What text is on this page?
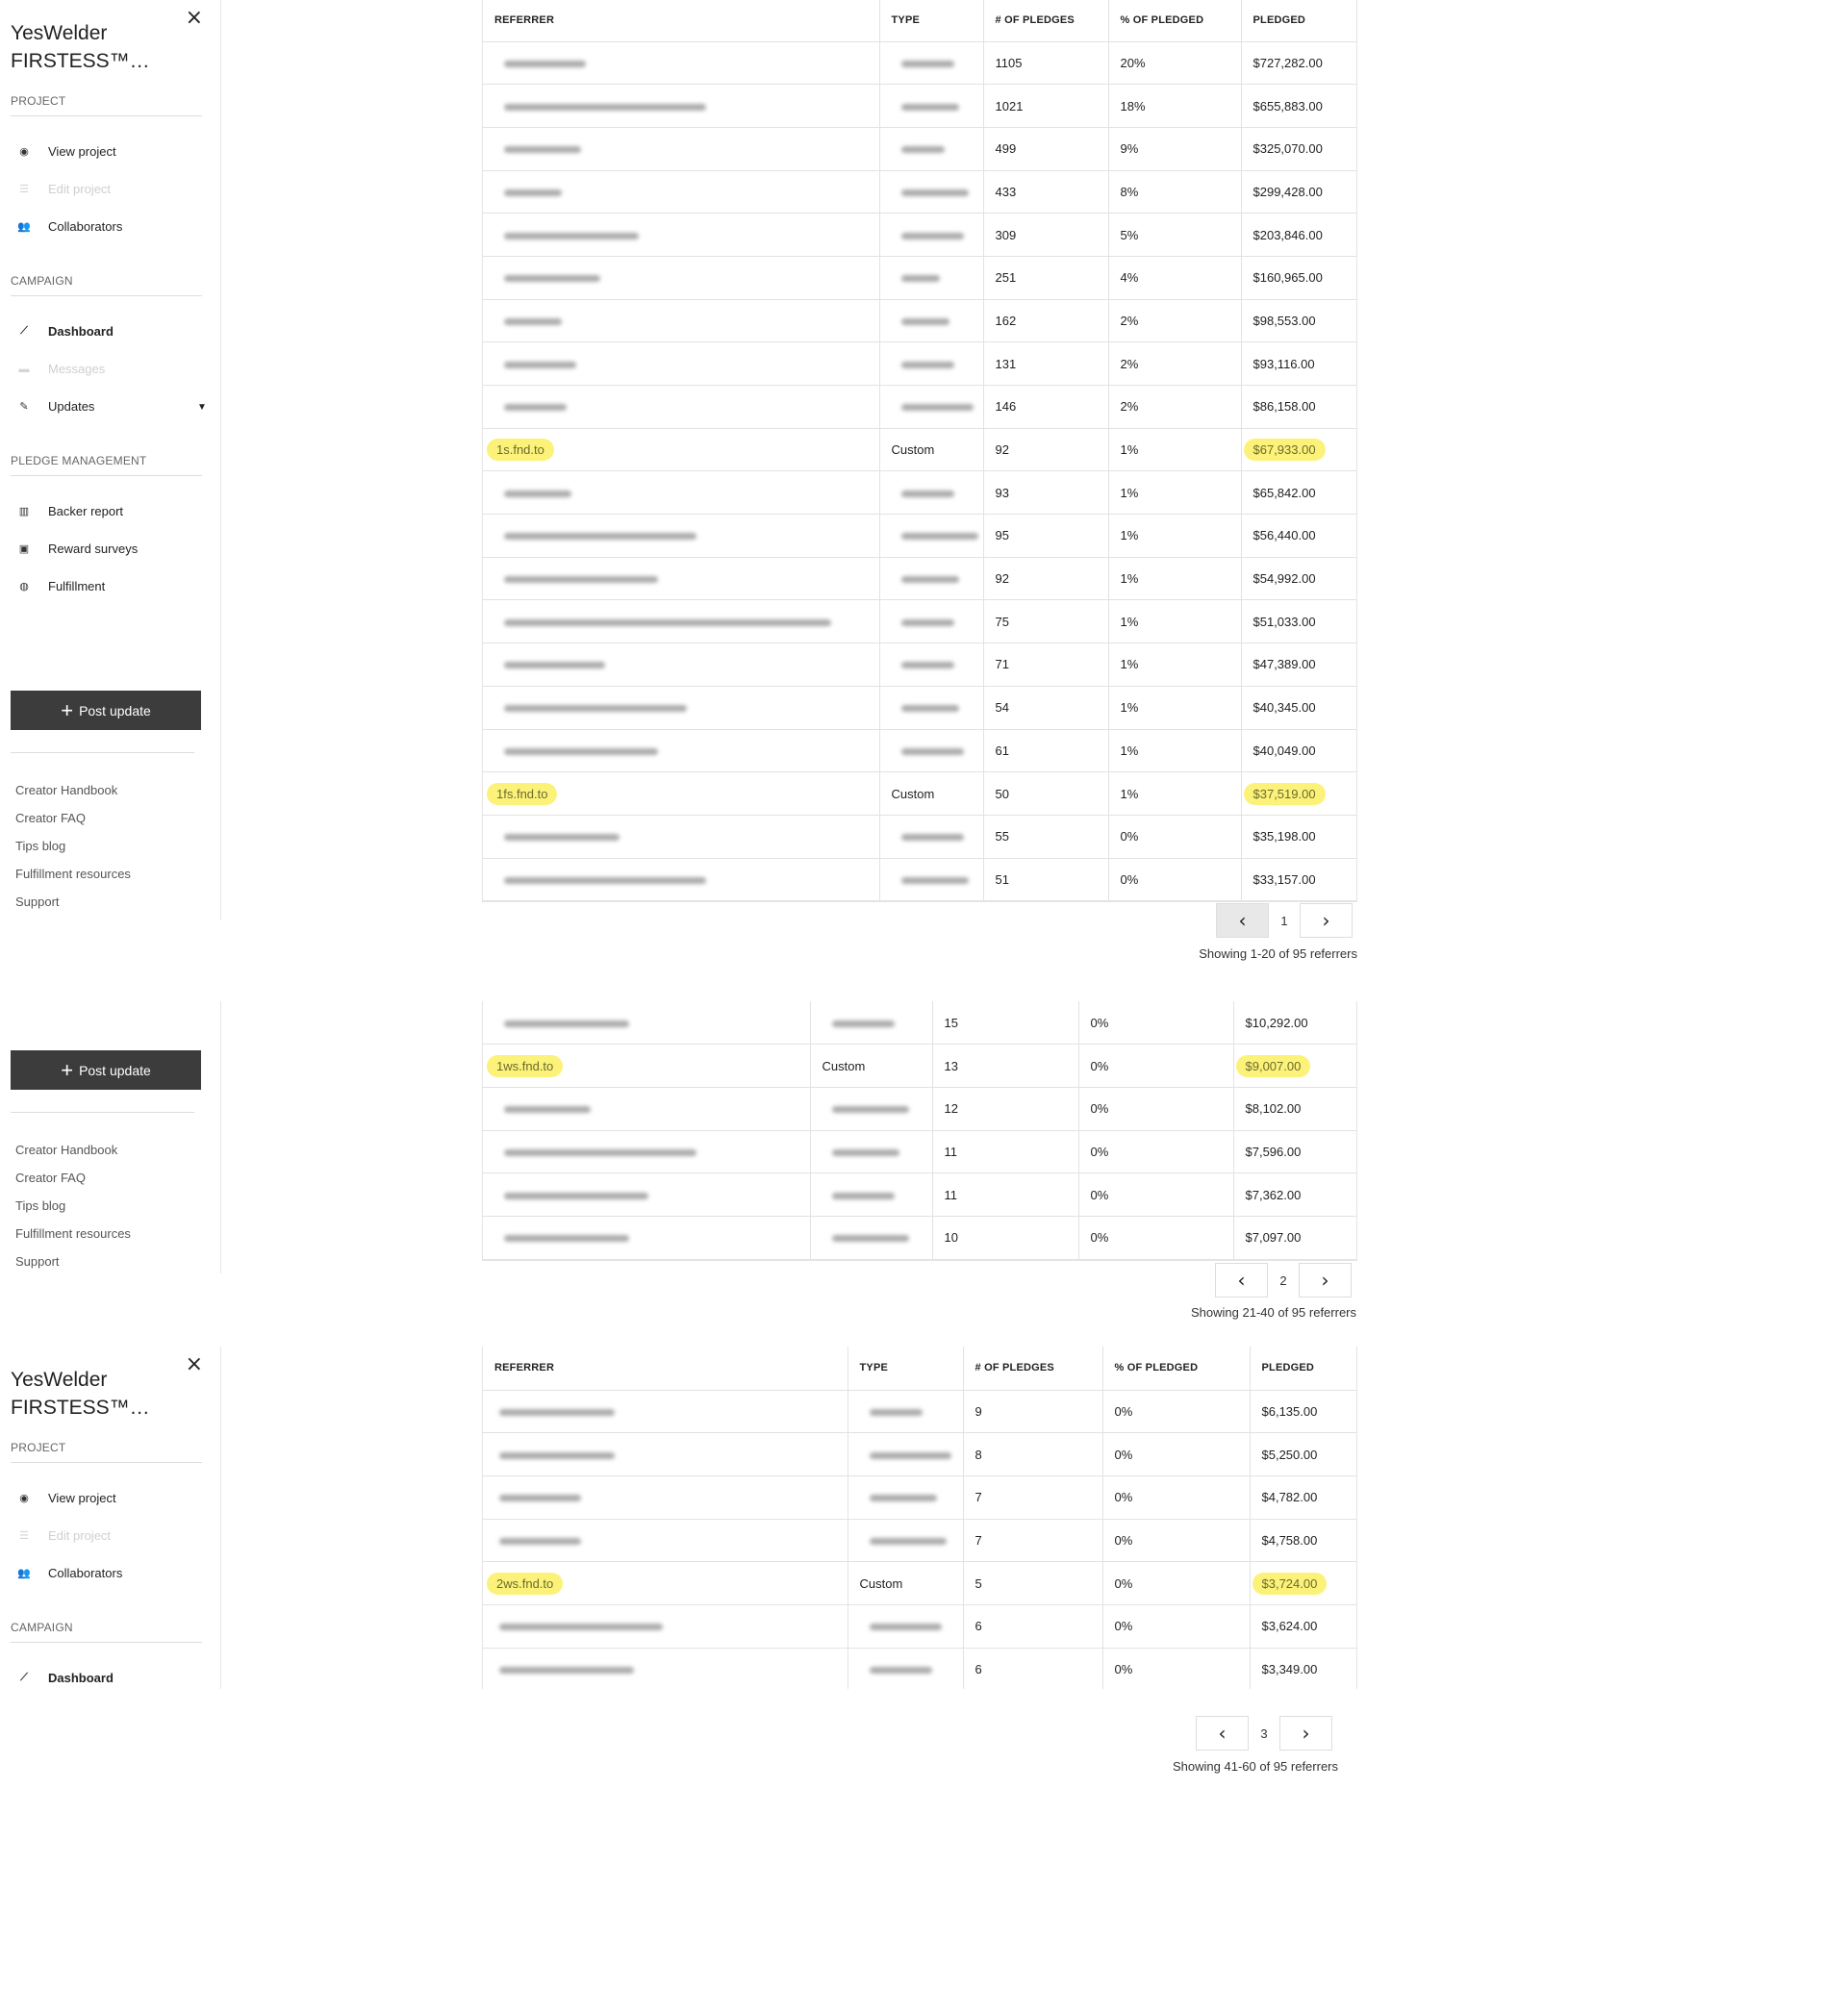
×
YesWelder FIRSTESS™…
PROJECT
◉	View project
☰	Edit project
👥 Collaborators
CAMPAIGN
⟋	Dashboard
▬ Messages
✎	Updates	▼
PLEDGE MANAGEMENT
▥ Backer report
▣ Reward surveys
◍	Fulfillment
+ Post update
Creator Handbook
Creator FAQ
Tips blog
Fulfillment resources
Support
REFERRER	TYPE	# OF PLEDGES	% OF PLEDGED	PLEDGED
		1105	20%	$727,282.00
		1021	18%	$655,883.00
		499	9%	$325,070.00
		433	8%	$299,428.00
		309	5%	$203,846.00
		251	4%	$160,965.00
		162	2%	$98,553.00
		131	2%	$93,116.00
		146	2%	$86,158.00
1s.fnd.to	Custom	92	1%	$67,933.00
		93	1%	$65,842.00
		95	1%	$56,440.00
		92	1%	$54,992.00
		75	1%	$51,033.00
		71	1%	$47,389.00
		54	1%	$40,345.00
		61	1%	$40,049.00
1fs.fnd.to	Custom	50	1%	$37,519.00
		55	0%	$35,198.00
		51	0%	$33,157.00
‹	1	›
Showing 1-20 of 95 referrers
+ Post update
Creator Handbook
Creator FAQ
Tips blog
Fulfillment resources
Support
		15	0%	$10,292.00
1ws.fnd.to	Custom	13	0%	$9,007.00
		12	0%	$8,102.00
		11	0%	$7,596.00
		11	0%	$7,362.00
		10	0%	$7,097.00
‹	2	›
Showing 21-40 of 95 referrers
×
YesWelder FIRSTESS™…
PROJECT
◉	View project
☰	Edit project
👥 Collaborators
CAMPAIGN
⟋	Dashboard
REFERRER	TYPE	# OF PLEDGES	% OF PLEDGED	PLEDGED
		9	0%	$6,135.00
		8	0%	$5,250.00
		7	0%	$4,782.00
		7	0%	$4,758.00
2ws.fnd.to	Custom	5	0%	$3,724.00
		6	0%	$3,624.00
		6	0%	$3,349.00
‹	3	›
Showing 41-60 of 95 referrers
